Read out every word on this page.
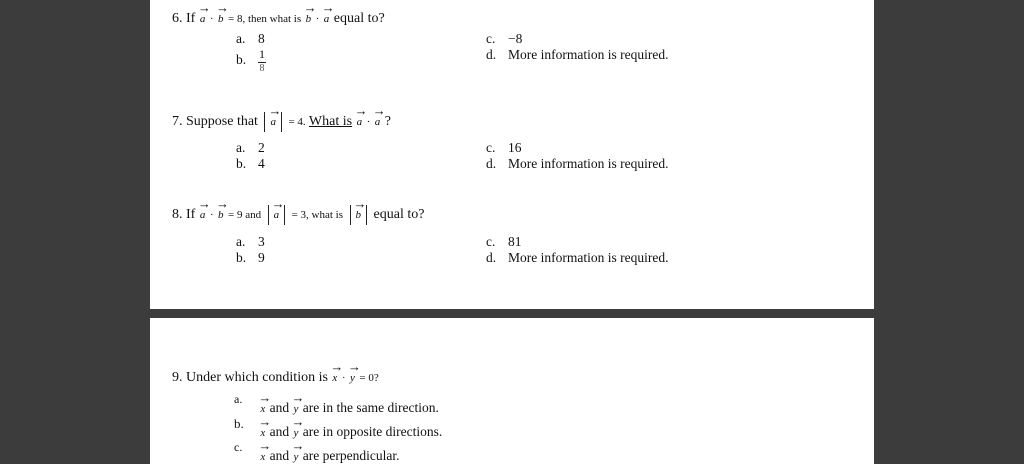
6. If → a · → b = 8, then what is → b · → a equal to?
a. 8
b. $\frac{1}{8}$
c. −8
d. More information is required.
7. Suppose that → a = 4. What is → a · → a ?
a. 2
b. 4
c. 16
d. More information is required.
8. If → a · → b = 9 and → a = 3, what is → b equal to?
a. 3
b. 9
c. 81
d. More information is required.
9. Under which condition is → x · → y = 0?
a. → x and → y are in the same direction.
b. → x and → y are in opposite directions.
c. → x and → y are perpendicular.
